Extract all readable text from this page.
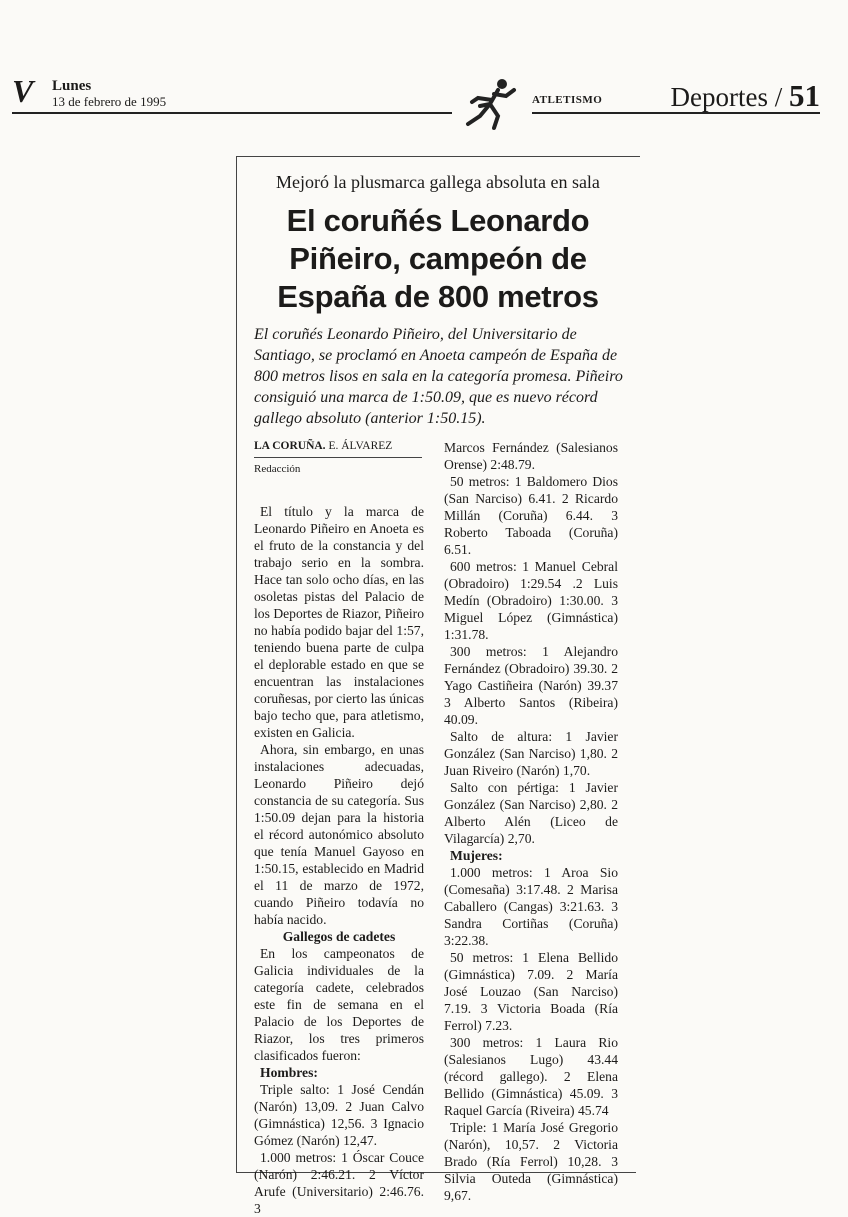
V Lunes
13 de febrero de 1995	ATLETISMO	Deportes / 51
Mejoró la plusmarca gallega absoluta en sala
El coruñés Leonardo
Piñeiro, campeón de
España de 800 metros
El coruñés Leonardo Piñeiro, del Universitario de Santiago, se proclamó en Anoeta campeón de España de 800 metros lisos en sala en la categoría promesa. Piñeiro consiguió una marca de 1:50.09, que es nuevo récord gallego absoluto (anterior 1:50.15).
LA CORUÑA. E. ÁLVAREZ
Redacción

El título y la marca de Leonardo Piñeiro en Anoeta es el fruto de la constancia y del trabajo serio en la sombra. Hace tan solo ocho días, en las osoletas pistas del Palacio de los Deportes de Riazor, Piñeiro no había podido bajar del 1:57, teniendo buena parte de culpa el deplorable estado en que se encuentran las instalaciones coruñesas, por cierto las únicas bajo techo que, para atletismo, existen en Galicia.

Ahora, sin embargo, en unas instalaciones adecuadas, Leonardo Piñeiro dejó constancia de su categoría. Sus 1:50.09 dejan para la historia el récord autonómico absoluto que tenía Manuel Gayoso en 1:50.15, establecido en Madrid el 11 de marzo de 1972, cuando Piñeiro todavía no había nacido.

Gallegos de cadetes

En los campeonatos de Galicia individuales de la categoría cadete, celebrados este fin de semana en el Palacio de los Deportes de Riazor, los tres primeros clasificados fueron:

Hombres:

Triple salto: 1 José Cendán (Narón) 13,09. 2 Juan Calvo (Gimnástica) 12,56. 3 Ignacio Gómez (Narón) 12,47.

1.000 metros: 1 Óscar Couce (Narón) 2:46.21. 2 Víctor Arufe (Universitario) 2:46.76. 3

Marcos Fernández (Salesianos Orense) 2:48.79.

50 metros: 1 Baldomero Dios (San Narciso) 6.41. 2 Ricardo Millán (Coruña) 6.44. 3 Roberto Taboada (Coruña) 6.51.

600 metros: 1 Manuel Cebral (Obradoiro) 1:29.54 .2 Luis Medín (Obradoiro) 1:30.00. 3 Miguel López (Gimnástica) 1:31.78.

300 metros: 1 Alejandro Fernández (Obradoiro) 39.30. 2 Yago Castiñeira (Narón) 39.37 3 Alberto Santos (Ribeira) 40.09.

Salto de altura: 1 Javier González (San Narciso) 1,80. 2 Juan Riveiro (Narón) 1,70.

Salto con pértiga: 1 Javier González (San Narciso) 2,80. 2 Alberto Alén (Liceo de Vilagarcía) 2,70.

Mujeres:

1.000 metros: 1 Aroa Sio (Comesaña) 3:17.48. 2 Marisa Caballero (Cangas) 3:21.63. 3 Sandra Cortiñas (Coruña) 3:22.38.

50 metros: 1 Elena Bellido (Gimnástica) 7.09. 2 María José Louzao (San Narciso) 7.19. 3 Victoria Boada (Ría Ferrol) 7.23.

300 metros: 1 Laura Rio (Salesianos Lugo) 43.44 (récord gallego). 2 Elena Bellido (Gimnástica) 45.09. 3 Raquel García (Riveira) 45.74

Triple: 1 María José Gregorio (Narón), 10,57. 2 Victoria Brado (Ría Ferrol) 10,28. 3 Silvia Outeda (Gimnástica) 9,67.
